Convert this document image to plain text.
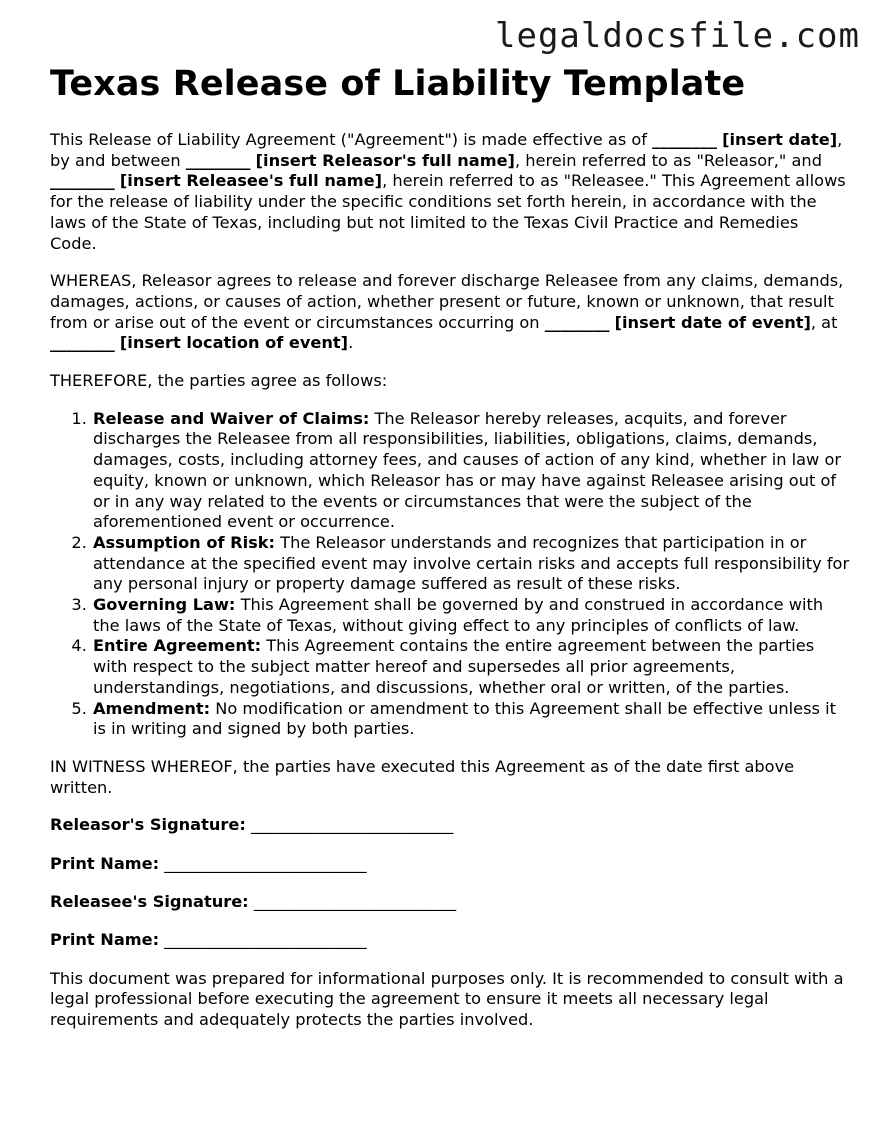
legaldocsfile.com

Texas Release of Liability Template

This Release of Liability Agreement ("Agreement") is made effective as of ________ [insert date], by and between ________ [insert Releasor's full name], herein referred to as "Releasor," and ________ [insert Releasee's full name], herein referred to as "Releasee." This Agreement allows for the release of liability under the specific conditions set forth herein, in accordance with the laws of the State of Texas, including but not limited to the Texas Civil Practice and Remedies Code.

WHEREAS, Releasor agrees to release and forever discharge Releasee from any claims, demands, damages, actions, or causes of action, whether present or future, known or unknown, that result from or arise out of the event or circumstances occurring on ________ [insert date of event], at ________ [insert location of event].

THEREFORE, the parties agree as follows:

1. Release and Waiver of Claims: The Releasor hereby releases, acquits, and forever discharges the Releasee from all responsibilities, liabilities, obligations, claims, demands, damages, costs, including attorney fees, and causes of action of any kind, whether in law or equity, known or unknown, which Releasor has or may have against Releasee arising out of or in any way related to the events or circumstances that were the subject of the aforementioned event or occurrence.
2. Assumption of Risk: The Releasor understands and recognizes that participation in or attendance at the specified event may involve certain risks and accepts full responsibility for any personal injury or property damage suffered as result of these risks.
3. Governing Law: This Agreement shall be governed by and construed in accordance with the laws of the State of Texas, without giving effect to any principles of conflicts of law.
4. Entire Agreement: This Agreement contains the entire agreement between the parties with respect to the subject matter hereof and supersedes all prior agreements, understandings, negotiations, and discussions, whether oral or written, of the parties.
5. Amendment: No modification or amendment to this Agreement shall be effective unless it is in writing and signed by both parties.

IN WITNESS WHEREOF, the parties have executed this Agreement as of the date first above written.

Releasor's Signature: _________________________
Print Name: _________________________
Releasee's Signature: _________________________
Print Name: _________________________

This document was prepared for informational purposes only. It is recommended to consult with a legal professional before executing the agreement to ensure it meets all necessary legal requirements and adequately protects the parties involved.
